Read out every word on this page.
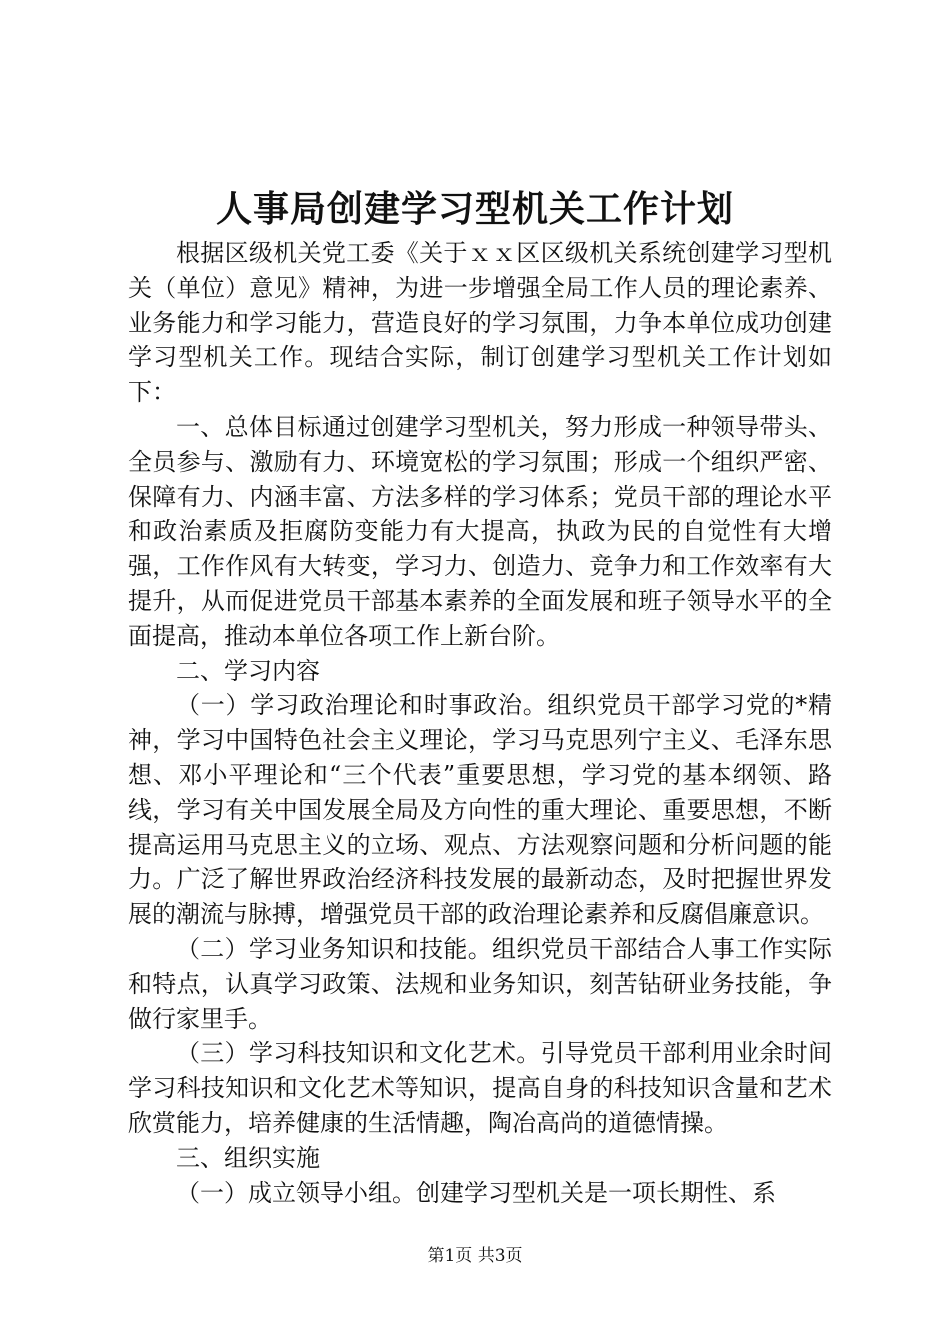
人事局创建学习型机关工作计划

根据区级机关党工委《关于ｘｘ区区级机关系统创建学习型机关（单位）意见》精神，为进一步增强全局工作人员的理论素养、业务能力和学习能力，营造良好的学习氛围，力争本单位成功创建学习型机关工作。现结合实际，制订创建学习型机关工作计划如下：

一、总体目标通过创建学习型机关，努力形成一种领导带头、全员参与、激励有力、环境宽松的学习氛围；形成一个组织严密、保障有力、内涵丰富、方法多样的学习体系；党员干部的理论水平和政治素质及拒腐防变能力有大提高，执政为民的自觉性有大增强，工作作风有大转变，学习力、创造力、竞争力和工作效率有大提升，从而促进党员干部基本素养的全面发展和班子领导水平的全面提高，推动本单位各项工作上新台阶。

二、学习内容

（一）学习政治理论和时事政治。组织党员干部学习党的*精神，学习中国特色社会主义理论，学习马克思列宁主义、毛泽东思想、邓小平理论和“三个代表”重要思想，学习党的基本纲领、路线，学习有关中国发展全局及方向性的重大理论、重要思想，不断提高运用马克思主义的立场、观点、方法观察问题和分析问题的能力。广泛了解世界政治经济科技发展的最新动态，及时把握世界发展的潮流与脉搏，增强党员干部的政治理论素养和反腐倡廉意识。

（二）学习业务知识和技能。组织党员干部结合人事工作实际和特点，认真学习政策、法规和业务知识，刻苦钻研业务技能，争做行家里手。

（三）学习科技知识和文化艺术。引导党员干部利用业余时间学习科技知识和文化艺术等知识，提高自身的科技知识含量和艺术欣赏能力，培养健康的生活情趣，陶冶高尚的道德情操。

三、组织实施

（一）成立领导小组。创建学习型机关是一项长期性、系

第1页 共3页
